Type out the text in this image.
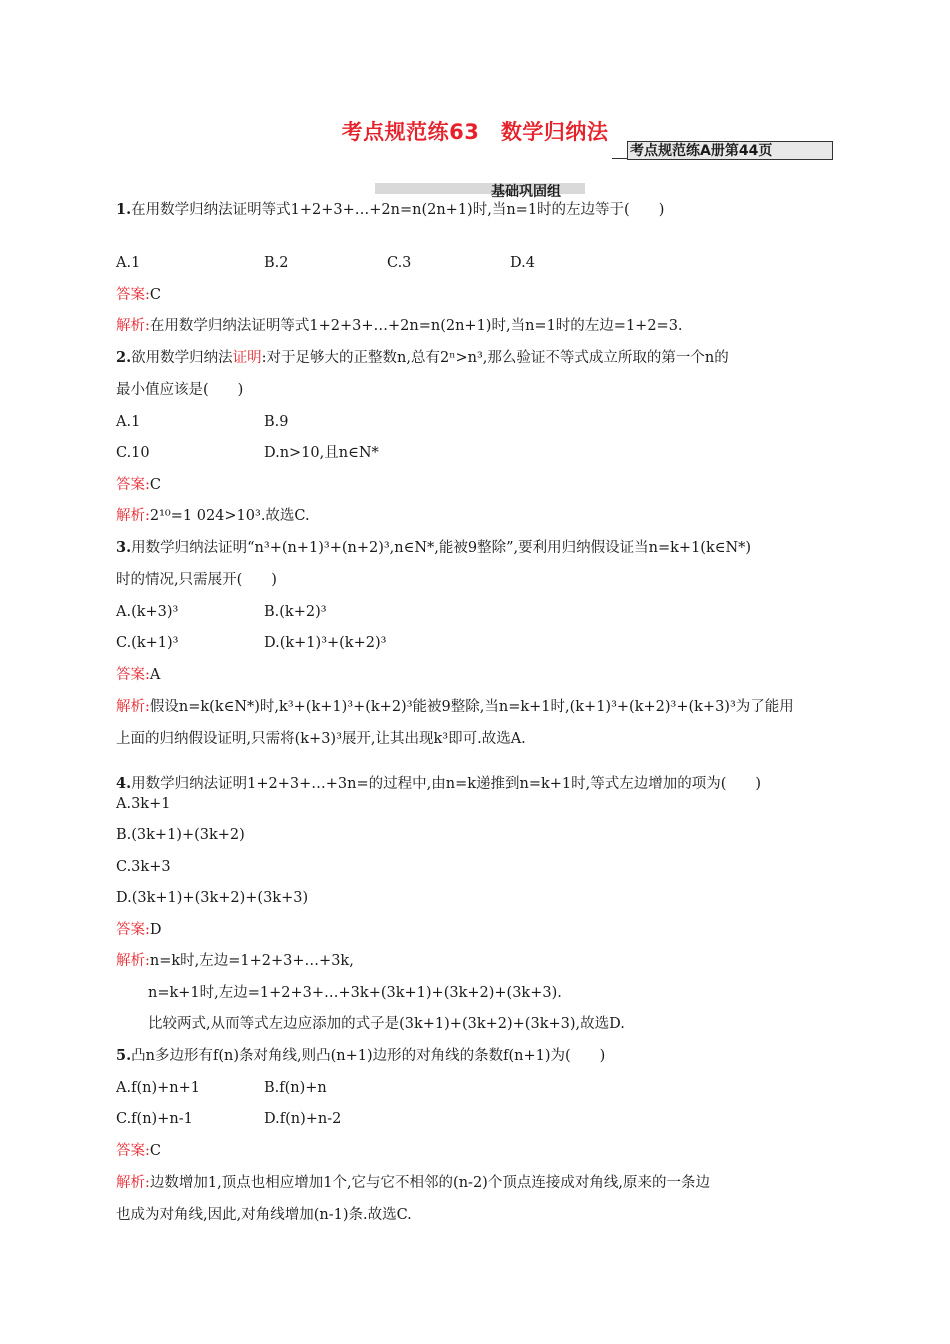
考点规范练63　数学归纳法
考点规范练A册第44页
基础巩固组
1.在用数学归纳法证明等式1+2+3+…+2n=n(2n+1)时,当n=1时的左边等于(　　)
A.1	B.2	C.3	D.4
答案:C
解析:在用数学归纳法证明等式1+2+3+…+2n=n(2n+1)时,当n=1时的左边=1+2=3.
2.欲用数学归纳法证明:对于足够大的正整数n,总有2ⁿ>n³,那么验证不等式成立所取的第一个n的
最小值应该是(　　)
A.1	B.9
C.10	D.n>10,且n∈N*
答案:C
解析:2¹⁰=1 024>10³.故选C.
3.用数学归纳法证明“n³+(n+1)³+(n+2)³,n∈N*,能被9整除”,要利用归纳假设证当n=k+1(k∈N*)
时的情况,只需展开(　　)
A.(k+3)³	B.(k+2)³
C.(k+1)³	D.(k+1)³+(k+2)³
答案:A
解析:假设n=k(k∈N*)时,k³+(k+1)³+(k+2)³能被9整除,当n=k+1时,(k+1)³+(k+2)³+(k+3)³为了能用
上面的归纳假设证明,只需将(k+3)³展开,让其出现k³即可.故选A.
4.用数学归纳法证明1+2+3+…+3n=的过程中,由n=k递推到n=k+1时,等式左边增加的项为(　　)
A.3k+1
B.(3k+1)+(3k+2)
C.3k+3
D.(3k+1)+(3k+2)+(3k+3)
答案:D
解析:n=k时,左边=1+2+3+…+3k,
n=k+1时,左边=1+2+3+…+3k+(3k+1)+(3k+2)+(3k+3).
比较两式,从而等式左边应添加的式子是(3k+1)+(3k+2)+(3k+3),故选D.
5.凸n多边形有f(n)条对角线,则凸(n+1)边形的对角线的条数f(n+1)为(　　)
A.f(n)+n+1	B.f(n)+n
C.f(n)+n-1	D.f(n)+n-2
答案:C
解析:边数增加1,顶点也相应增加1个,它与它不相邻的(n-2)个顶点连接成对角线,原来的一条边
也成为对角线,因此,对角线增加(n-1)条.故选C.
